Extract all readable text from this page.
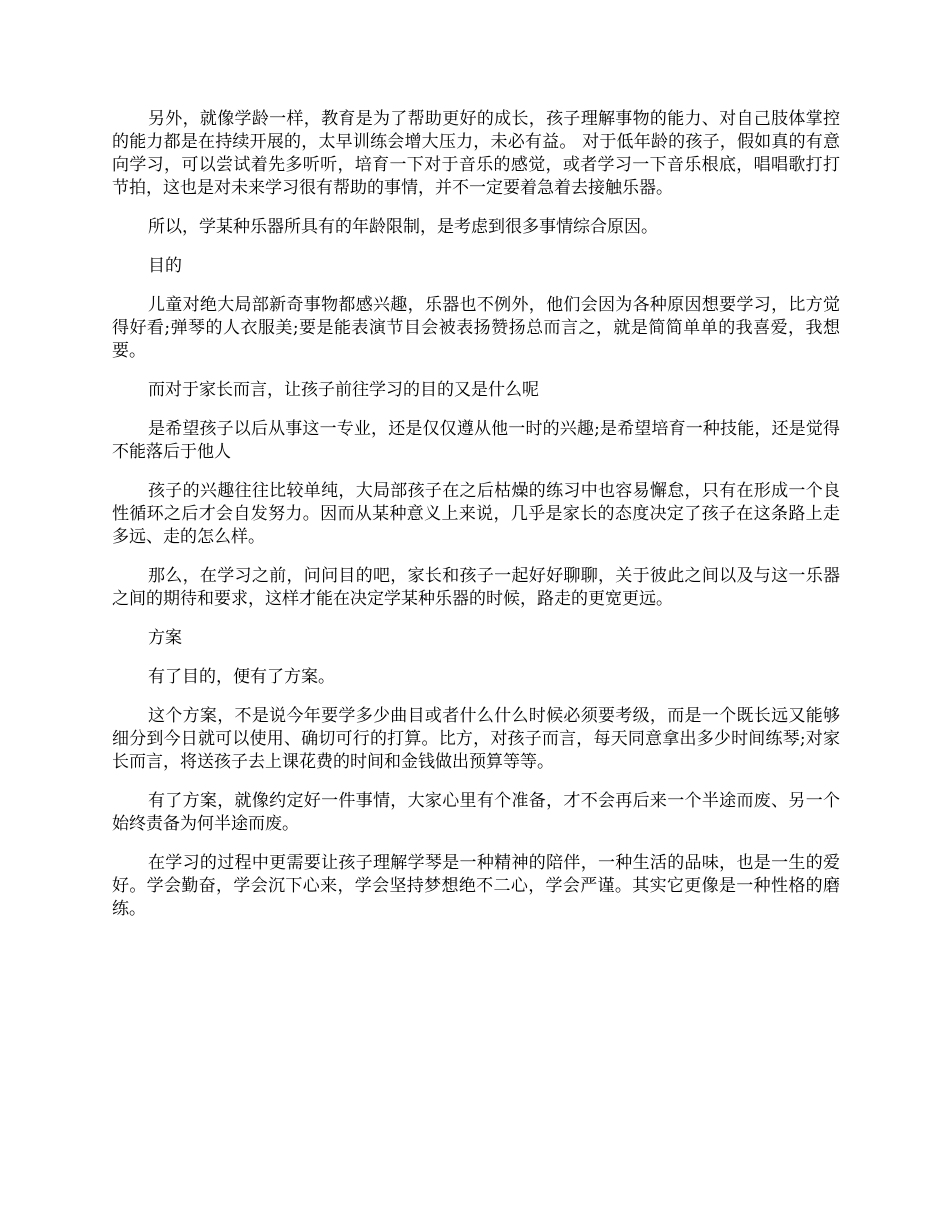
另外，就像学龄一样，教育是为了帮助更好的成长，孩子理解事物的能力、对自己肢体掌控的能力都是在持续开展的，太早训练会增大压力，未必有益。 对于低年龄的孩子，假如真的有意向学习，可以尝试着先多听听，培育一下对于音乐的感觉，或者学习一下音乐根底，唱唱歌打打节拍，这也是对未来学习很有帮助的事情，并不一定要着急着去接触乐器。

所以，学某种乐器所具有的年龄限制，是考虑到很多事情综合原因。

目的

儿童对绝大局部新奇事物都感兴趣，乐器也不例外，他们会因为各种原因想要学习，比方觉得好看;弹琴的人衣服美;要是能表演节目会被表扬赞扬总而言之，就是简简单单的我喜爱，我想要。

而对于家长而言，让孩子前往学习的目的又是什么呢

是希望孩子以后从事这一专业，还是仅仅遵从他一时的兴趣;是希望培育一种技能，还是觉得不能落后于他人

孩子的兴趣往往比较单纯，大局部孩子在之后枯燥的练习中也容易懈怠，只有在形成一个良性循环之后才会自发努力。因而从某种意义上来说，几乎是家长的态度决定了孩子在这条路上走多远、走的怎么样。

那么，在学习之前，问问目的吧，家长和孩子一起好好聊聊，关于彼此之间以及与这一乐器之间的期待和要求，这样才能在决定学某种乐器的时候，路走的更宽更远。

方案

有了目的，便有了方案。

这个方案，不是说今年要学多少曲目或者什么什么时候必须要考级，而是一个既长远又能够细分到今日就可以使用、确切可行的打算。比方，对孩子而言，每天同意拿出多少时间练琴;对家长而言，将送孩子去上课花费的时间和金钱做出预算等等。

有了方案，就像约定好一件事情，大家心里有个准备，才不会再后来一个半途而废、另一个始终责备为何半途而废。

在学习的过程中更需要让孩子理解学琴是一种精神的陪伴，一种生活的品味，也是一生的爱好。学会勤奋，学会沉下心来，学会坚持梦想绝不二心，学会严谨。其实它更像是一种性格的磨练。
